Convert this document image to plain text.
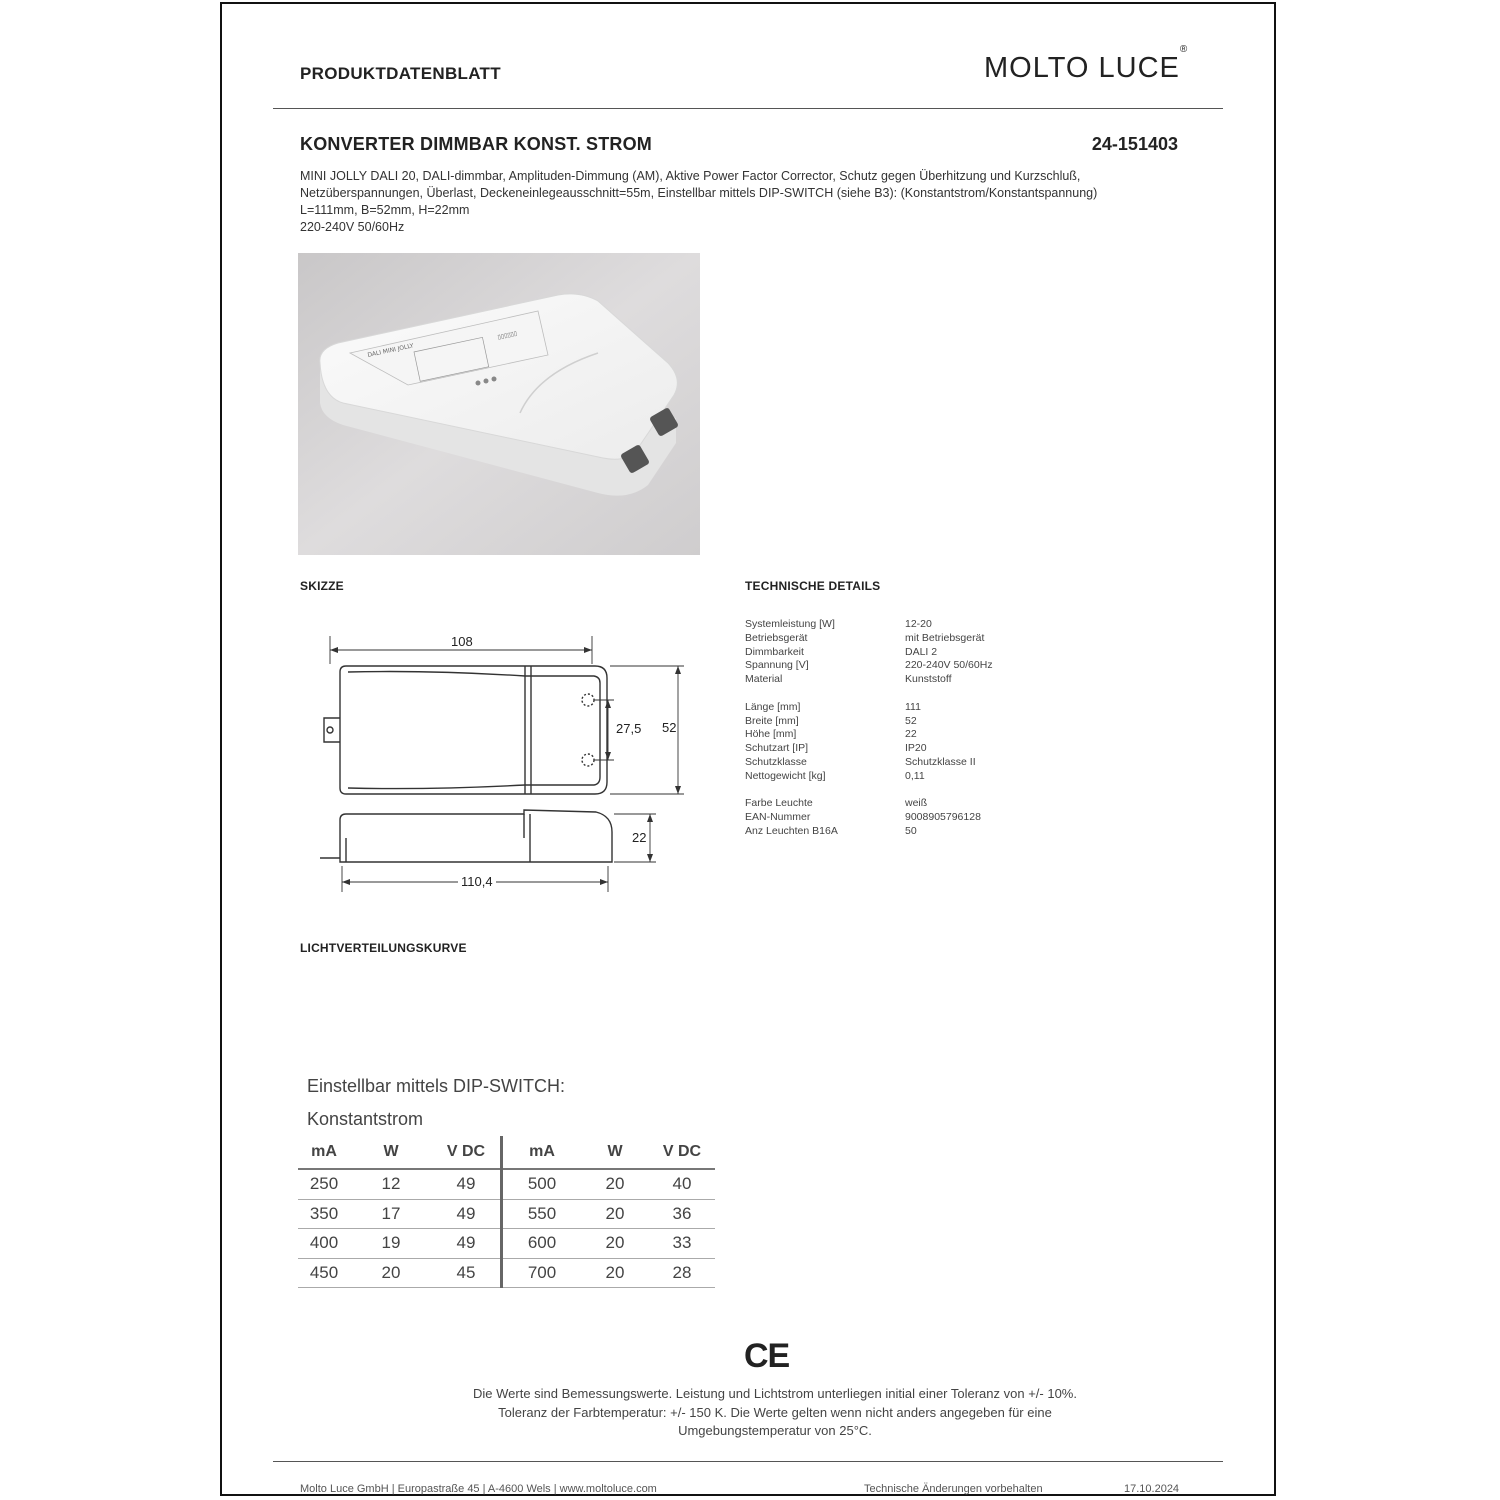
PRODUKTDATENBLATT	MOLTO LUCE®
KONVERTER DIMMBAR KONST. STROM	24-151403
MINI JOLLY DALI 20, DALI-dimmbar, Amplituden-Dimmung (AM), Aktive Power Factor Corrector, Schutz gegen Überhitzung und Kurzschluß,
Netzüberspannungen, Überlast, Deckeneinlegeausschnitt=55m, Einstellbar mittels DIP-SWITCH (siehe B3): (Konstantstrom/Konstantspannung)
L=111mm, B=52mm, H=22mm
220-240V 50/60Hz
DALI MINI JOLLY
▯▯▯▯▯▯
SKIZZE	TECHNISCHE DETAILS
108
52
27,5
22
110,4
Systemleistung [W]	12-20
Betriebsgerät	mit Betriebsgerät
Dimmbarkeit	DALI 2
Spannung [V]	220-240V 50/60Hz
Material	Kunststoff
Länge [mm]	111
Breite [mm]	52
Höhe [mm]	22
Schutzart [IP]	IP20
Schutzklasse	Schutzklasse II
Nettogewicht [kg]	0,11
Farbe Leuchte	weiß
EAN-Nummer	9008905796128
Anz Leuchten B16A	50
LICHTVERTEILUNGSKURVE
Einstellbar mittels DIP-SWITCH:
Konstantstrom
mA	W	V DC	mA	W	V DC
250	12	49	500	20	40
350	17	49	550	20	36
400	19	49	600	20	33
450	20	45	700	20	28
CE
Die Werte sind Bemessungswerte. Leistung und Lichtstrom unterliegen initial einer Toleranz von +/- 10%.
Toleranz der Farbtemperatur: +/- 150 K. Die Werte gelten wenn nicht anders angegeben für eine
Umgebungstemperatur von 25°C.
Molto Luce GmbH | Europastraße 45 | A-4600 Wels | www.moltoluce.com	Technische Änderungen vorbehalten	17.10.2024
